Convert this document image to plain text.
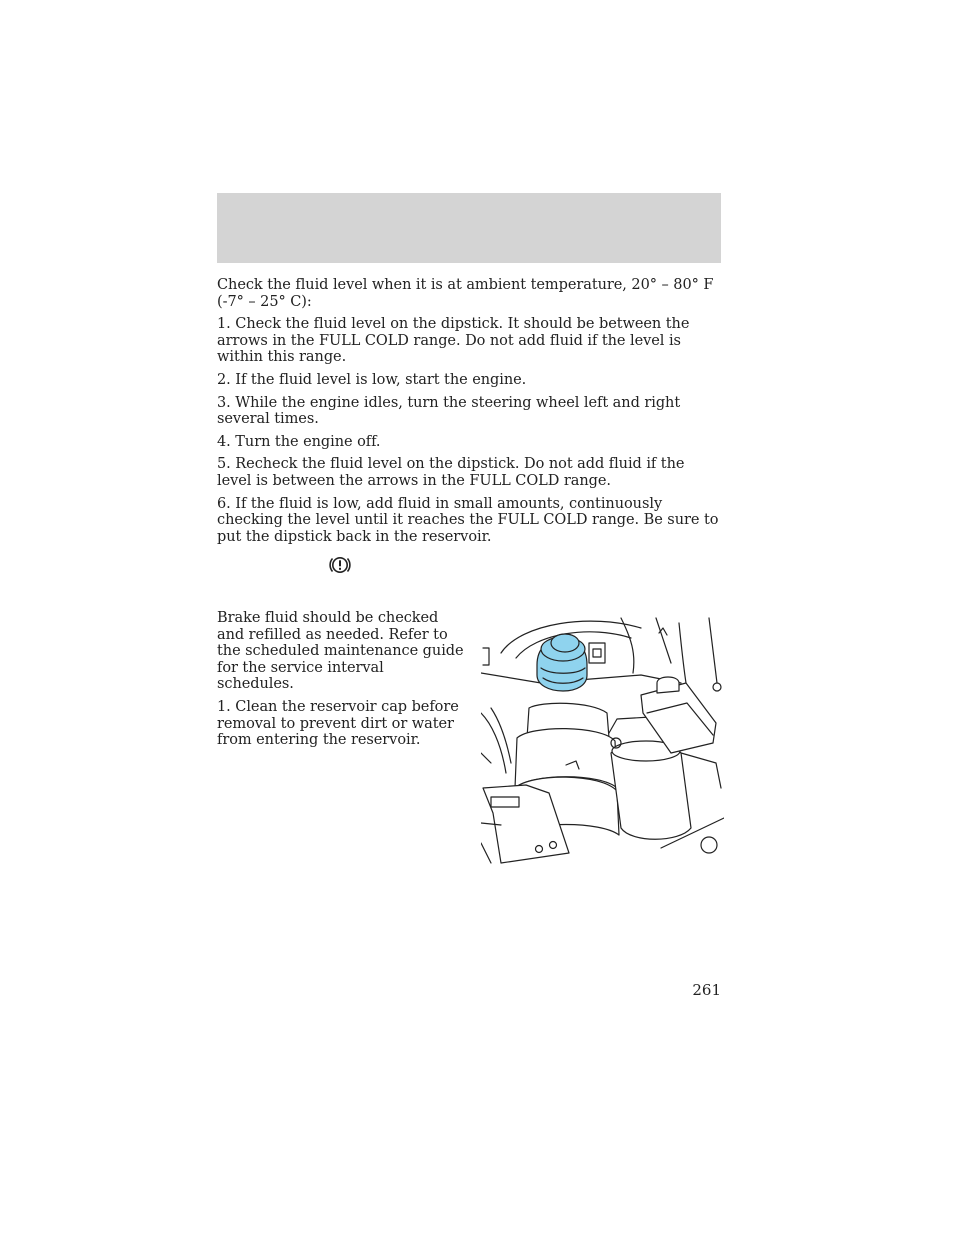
Check the fluid level when it is at ambient temperature, 20° – 80° F (-7° – 25° C):

1. Check the fluid level on the dipstick. It should be between the arrows in the FULL COLD range. Do not add fluid if the level is within this range.

2. If the fluid level is low, start the engine.

3. While the engine idles, turn the steering wheel left and right several times.

4. Turn the engine off.

5. Recheck the fluid level on the dipstick. Do not add fluid if the level is between the arrows in the FULL COLD range.

6. If the fluid is low, add fluid in small amounts, continuously checking the level until it reaches the FULL COLD range. Be sure to put the dipstick back in the reservoir.

Brake fluid should be checked and refilled as needed. Refer to the scheduled maintenance guide for the service interval schedules.

1. Clean the reservoir cap before removal to prevent dirt or water from entering the reservoir.

261
